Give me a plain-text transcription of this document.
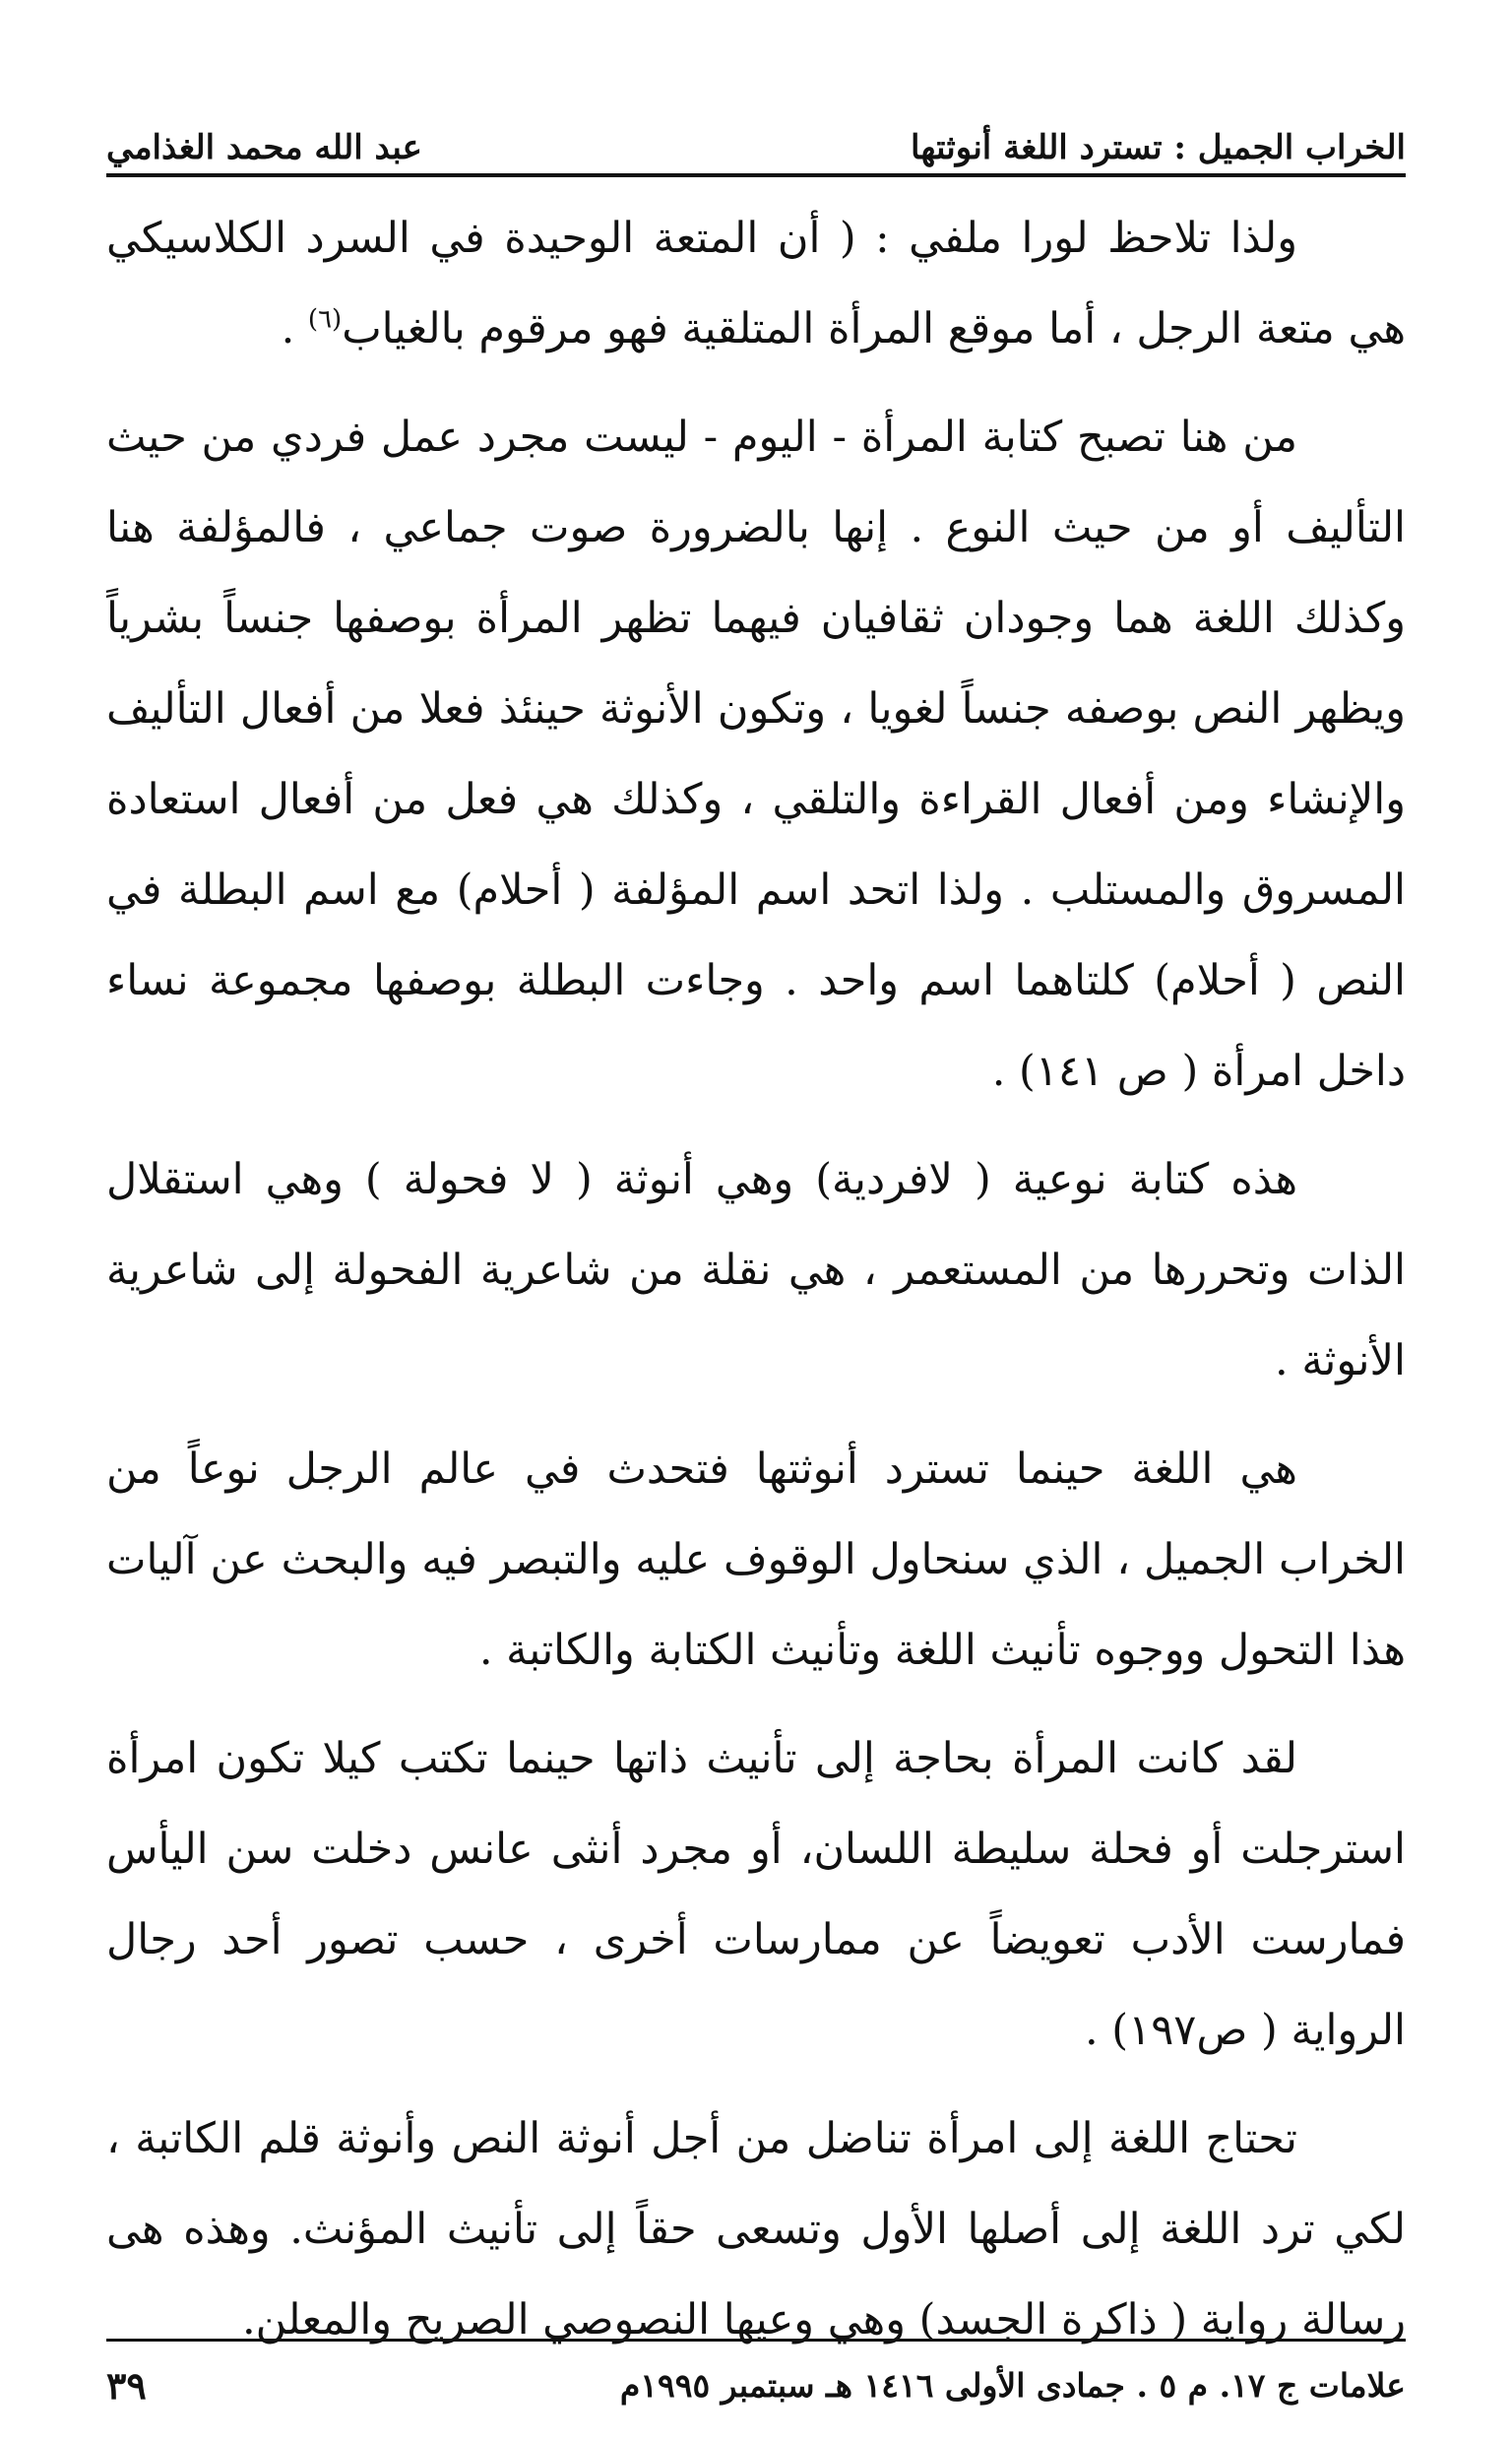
الخراب الجميل : تسترد اللغة أنوثتها
عبد الله محمد الغذامي

ولذا تلاحظ لورا ملفي : ( أن المتعة الوحيدة في السرد الكلاسيكي هي متعة الرجل ، أما موقع المرأة المتلقية فهو مرقوم بالغياب$^{(٦)}$ .

من هنا تصبح كتابة المرأة - اليوم - ليست مجرد عمل فردي من حيث التأليف أو من حيث النوع . إنها بالضرورة صوت جماعي ، فالمؤلفة هنا وكذلك اللغة هما وجودان ثقافيان فيهما تظهر المرأة بوصفها جنساً بشرياً ويظهر النص بوصفه جنساً لغويا ، وتكون الأنوثة حينئذ فعلا من أفعال التأليف والإنشاء ومن أفعال القراءة والتلقي ، وكذلك هي فعل من أفعال استعادة المسروق والمستلب . ولذا اتحد اسم المؤلفة ( أحلام) مع اسم البطلة في النص ( أحلام) كلتاهما اسم واحد . وجاءت البطلة بوصفها مجموعة نساء داخل امرأة ( ص ١٤١) .

هذه كتابة نوعية ( لافردية) وهي أنوثة ( لا فحولة ) وهي استقلال الذات وتحررها من المستعمر ، هي نقلة من شاعرية الفحولة إلى شاعرية الأنوثة .

هي اللغة حينما تسترد أنوثتها فتحدث في عالم الرجل نوعاً من الخراب الجميل ، الذي سنحاول الوقوف عليه والتبصر فيه والبحث عن آليات هذا التحول ووجوه تأنيث اللغة وتأنيث الكتابة والكاتبة .

لقد كانت المرأة بحاجة إلى تأنيث ذاتها حينما تكتب كيلا تكون امرأة استرجلت أو فحلة سليطة اللسان، أو مجرد أنثى عانس دخلت سن اليأس فمارست الأدب تعويضاً عن ممارسات أخرى ، حسب تصور أحد رجال الرواية ( ص١٩٧) .

تحتاج اللغة إلى امرأة تناضل من أجل أنوثة النص وأنوثة قلم الكاتبة ، لكي ترد اللغة إلى أصلها الأول وتسعى حقاً إلى تأنيث المؤنث. وهذه هى رسالة رواية ( ذاكرة الجسد) وهي وعيها النصوصي الصريح والمعلن.

علامات ج ١٧. م ٥ . جمادى الأولى ١٤١٦ هـ سبتمبر ١٩٩٥م
٣٩
